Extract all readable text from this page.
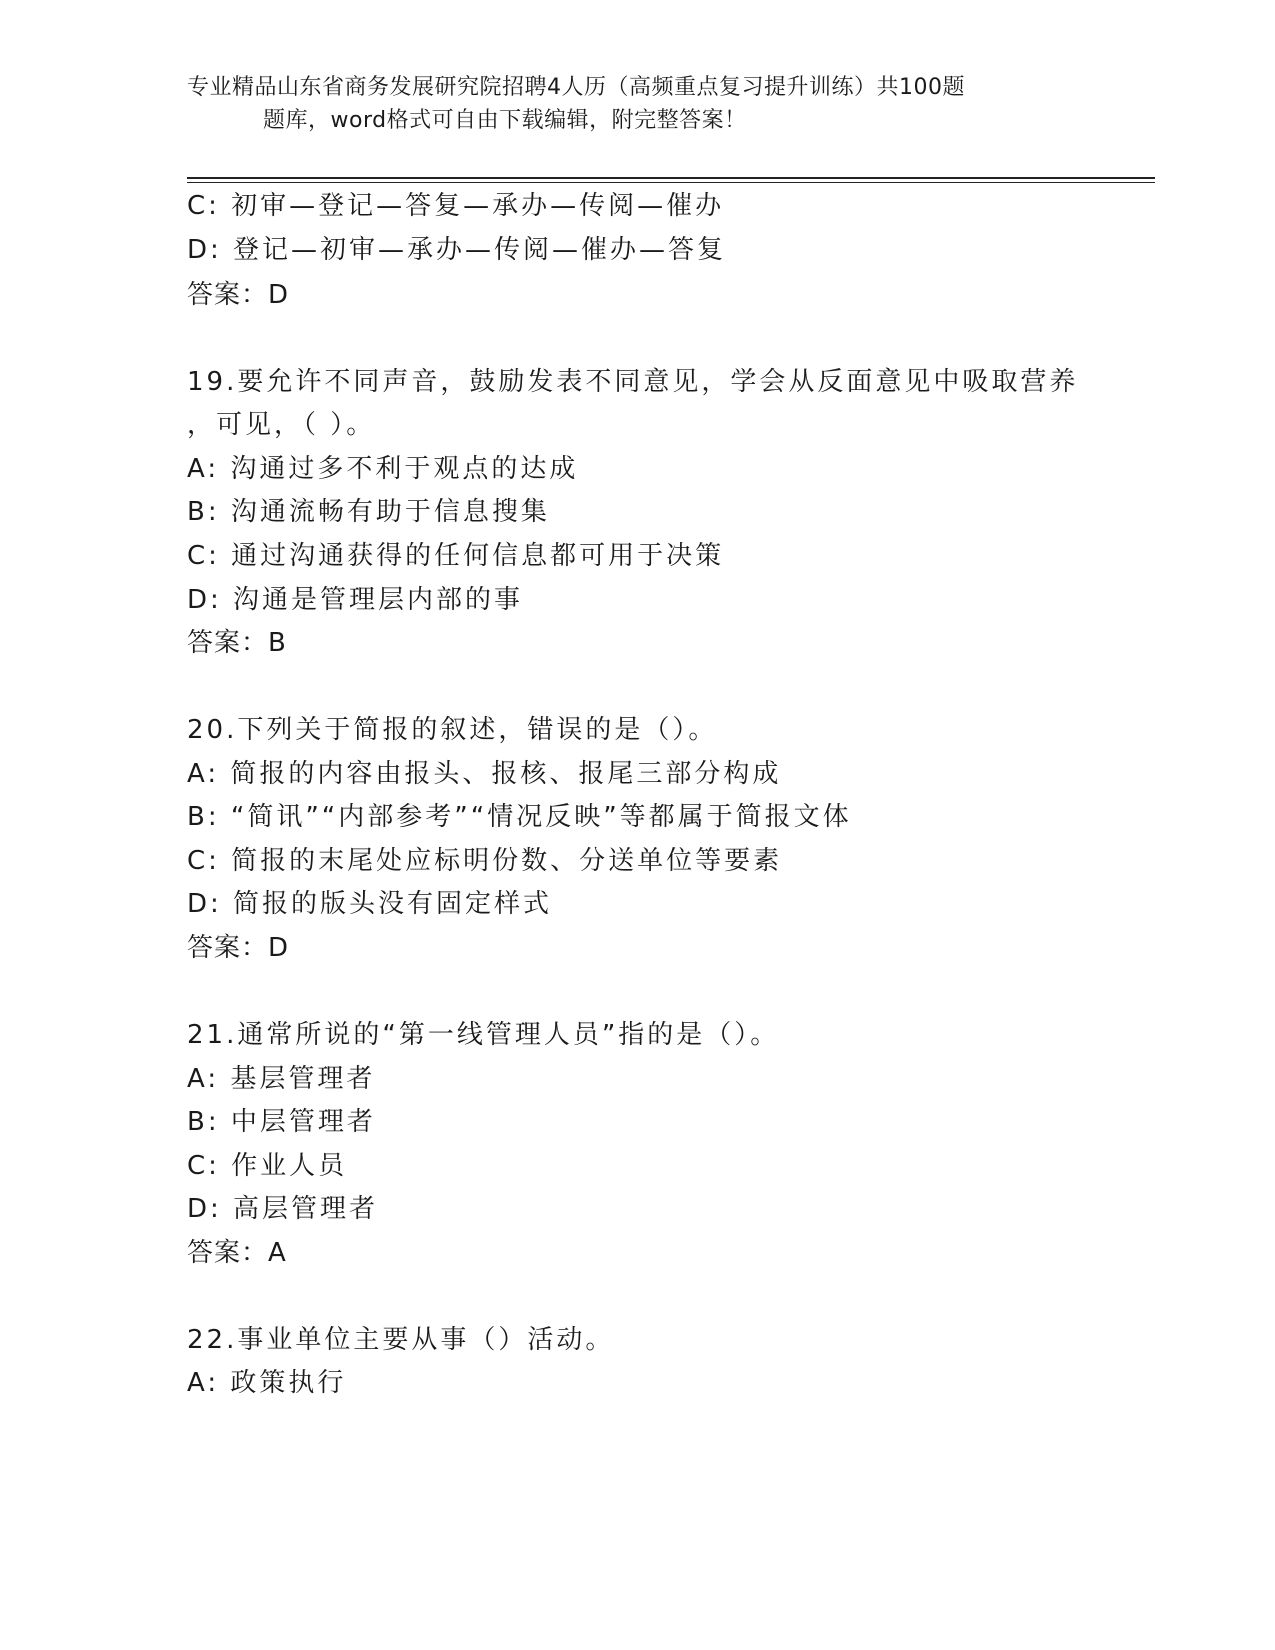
专业精品山东省商务发展研究院招聘4人历（高频重点复习提升训练）共100题
题库，word格式可自由下载编辑，附完整答案！
C: 初审—登记—答复—承办—传阅—催办
D: 登记—初审—承办—传阅—催办—答复
答案：D
19.要允许不同声音，鼓励发表不同意见，学会从反面意见中吸取营养
，可见，（ ）。
A: 沟通过多不利于观点的达成
B: 沟通流畅有助于信息搜集
C: 通过沟通获得的任何信息都可用于决策
D: 沟通是管理层内部的事
答案：B
20.下列关于简报的叙述，错误的是（）。
A: 简报的内容由报头、报核、报尾三部分构成
B: “简讯”“内部参考”“情况反映”等都属于简报文体
C: 简报的末尾处应标明份数、分送单位等要素
D: 简报的版头没有固定样式
答案：D
21.通常所说的“第一线管理人员”指的是（）。
A: 基层管理者
B: 中层管理者
C: 作业人员
D: 高层管理者
答案：A
22.事业单位主要从事（）活动。
A: 政策执行
